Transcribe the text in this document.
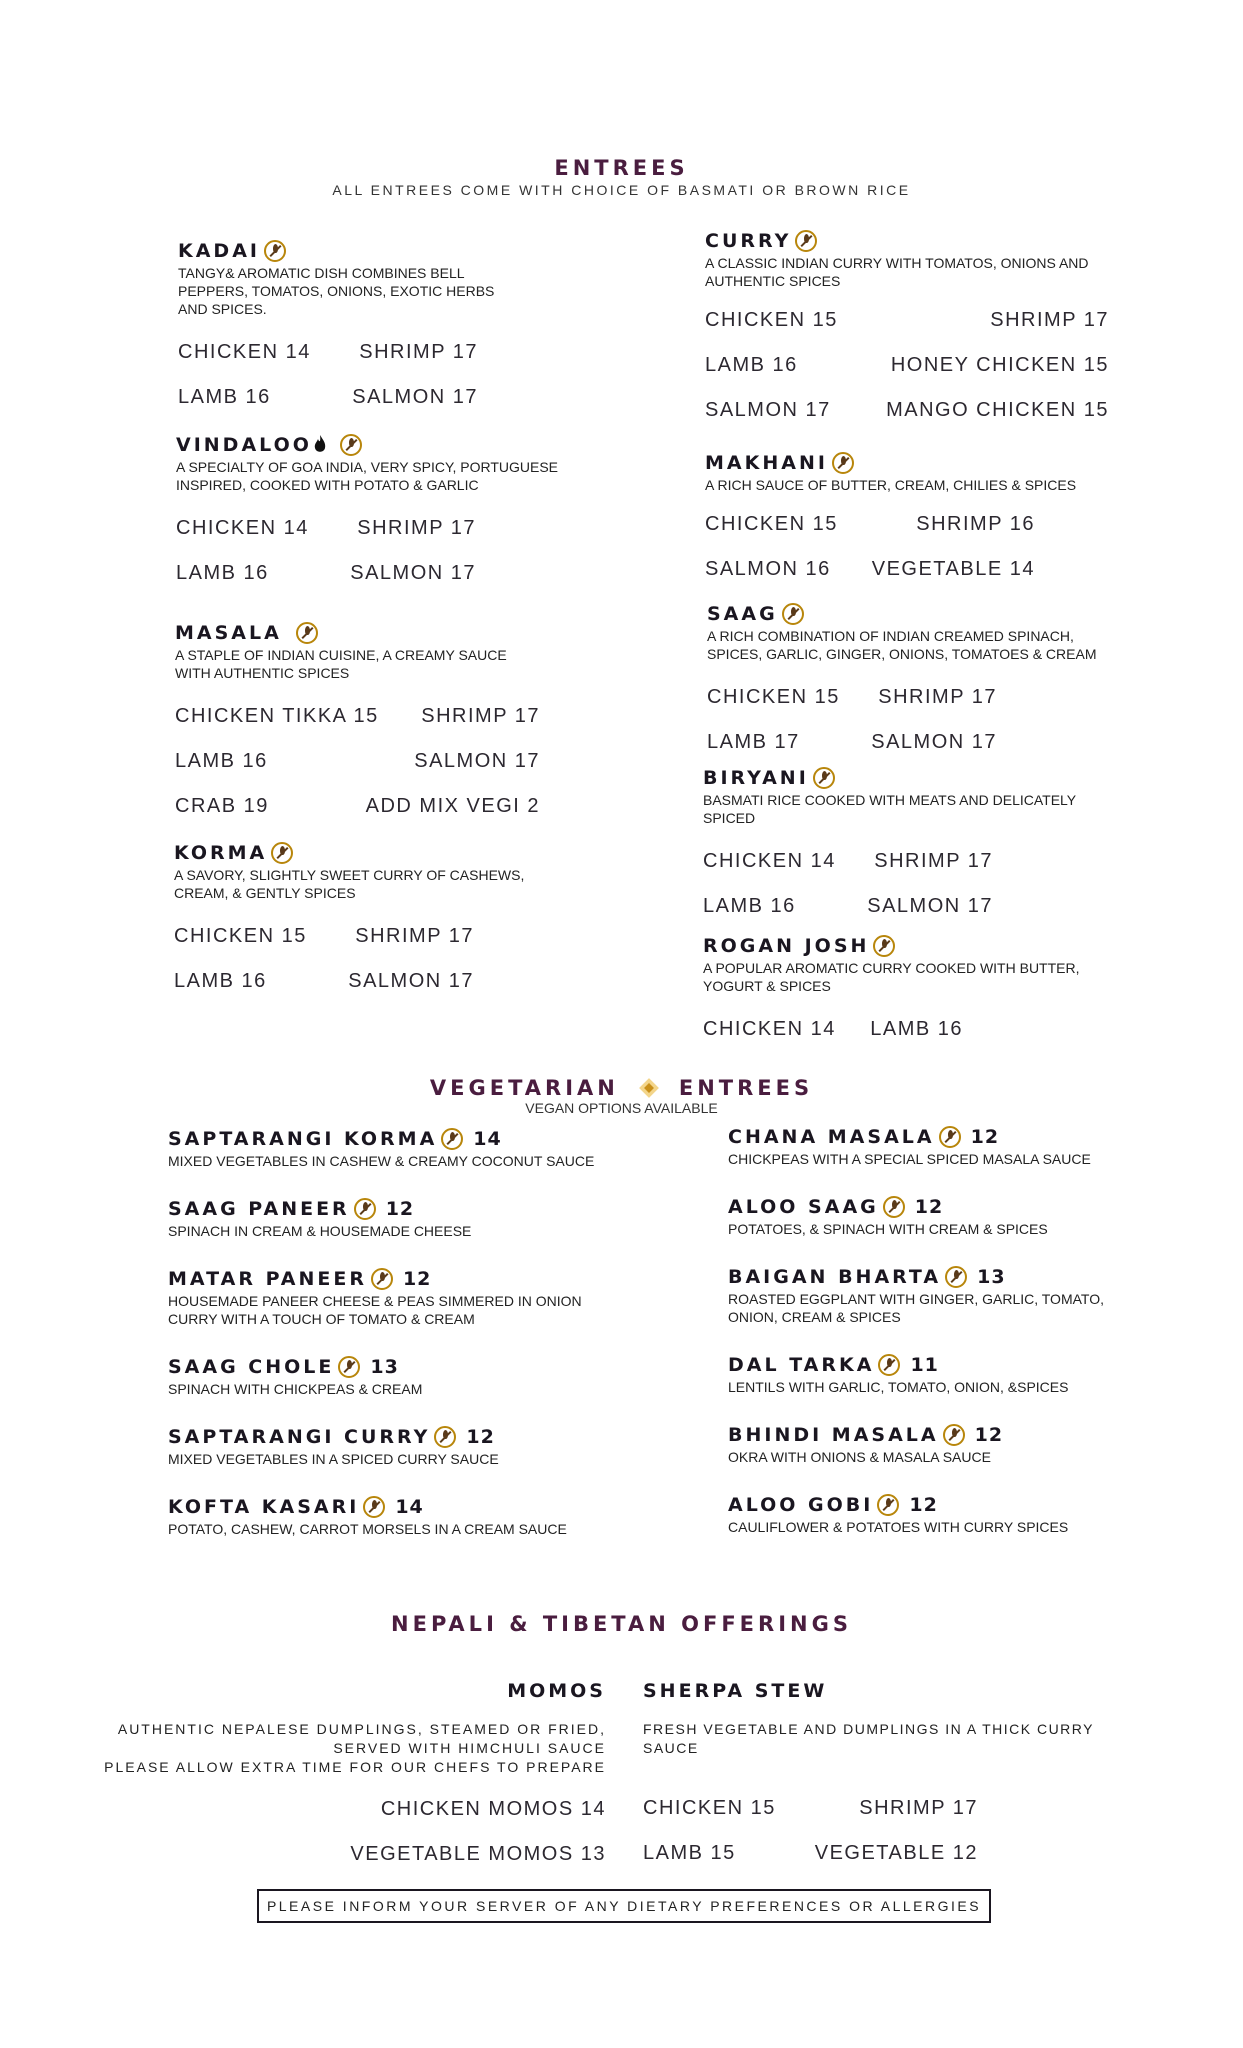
ENTREES
ALL ENTREES COME WITH CHOICE OF BASMATI OR BROWN RICE
KADAI
TANGY& AROMATIC DISH COMBINES BELL PEPPERS, TOMATOS, ONIONS, EXOTIC HERBS AND SPICES.
CHICKEN 14 SHRIMP 17
LAMB 16	SALMON 17
VINDALOO
A SPECIALTY OF GOA INDIA, VERY SPICY, PORTUGUESE INSPIRED, COOKED WITH POTATO & GARLIC
CHICKEN 14 SHRIMP 17
LAMB 16	SALMON 17
MASALA
A STAPLE OF INDIAN CUISINE, A CREAMY SAUCE WITH AUTHENTIC SPICES
CHICKEN TIKKA 15 SHRIMP 17
LAMB 16	SALMON 17
CRAB 19	ADD MIX VEGI 2
KORMA
A SAVORY, SLIGHTLY SWEET CURRY OF CASHEWS, CREAM, & GENTLY SPICES
CHICKEN 15 SHRIMP 17
LAMB 16	SALMON 17
CURRY
A CLASSIC INDIAN CURRY WITH TOMATOS, ONIONS AND AUTHENTIC SPICES
CHICKEN 15	SHRIMP 17
LAMB 16	HONEY CHICKEN 15
SALMON 17	MANGO CHICKEN 15
MAKHANI
A RICH SAUCE OF BUTTER, CREAM, CHILIES & SPICES
CHICKEN 15	SHRIMP 16
SALMON 16 VEGETABLE 14
SAAG
A RICH COMBINATION OF INDIAN CREAMED SPINACH, SPICES, GARLIC, GINGER, ONIONS, TOMATOES & CREAM
CHICKEN 15 SHRIMP 17
LAMB 17	SALMON 17
BIRYANI
BASMATI RICE COOKED WITH MEATS AND DELICATELY SPICED
CHICKEN 14 SHRIMP 17
LAMB 16	SALMON 17
ROGAN JOSH
A POPULAR AROMATIC CURRY COOKED WITH BUTTER, YOGURT & SPICES
CHICKEN 14 LAMB 16
VEGETARIAN	ENTREES
VEGAN OPTIONS AVAILABLE
SAPTARANGI KORMA 14
MIXED VEGETABLES IN CASHEW & CREAMY COCONUT SAUCE
SAAG PANEER 12
SPINACH IN CREAM & HOUSEMADE CHEESE
MATAR PANEER 12
HOUSEMADE PANEER CHEESE & PEAS SIMMERED IN ONION CURRY WITH A TOUCH OF TOMATO & CREAM
SAAG CHOLE 13
SPINACH WITH CHICKPEAS & CREAM
SAPTARANGI CURRY 12
MIXED VEGETABLES IN A SPICED CURRY SAUCE
KOFTA KASARI 14
POTATO, CASHEW, CARROT MORSELS IN A CREAM SAUCE
CHANA MASALA 12
CHICKPEAS WITH A SPECIAL SPICED MASALA SAUCE
ALOO SAAG 12
POTATOES, & SPINACH WITH CREAM & SPICES
BAIGAN BHARTA 13
ROASTED EGGPLANT WITH GINGER, GARLIC, TOMATO, ONION, CREAM & SPICES
DAL TARKA 11
LENTILS WITH GARLIC, TOMATO, ONION, &SPICES
BHINDI MASALA 12
OKRA WITH ONIONS & MASALA SAUCE
ALOO GOBI 12
CAULIFLOWER & POTATOES WITH CURRY SPICES
NEPALI & TIBETAN OFFERINGS
MOMOS
AUTHENTIC NEPALESE DUMPLINGS, STEAMED OR FRIED,
SERVED WITH HIMCHULI SAUCE
PLEASE ALLOW EXTRA TIME FOR OUR CHEFS TO PREPARE
CHICKEN MOMOS 14
VEGETABLE MOMOS 13
SHERPA STEW
FRESH VEGETABLE AND DUMPLINGS IN A THICK CURRY SAUCE
CHICKEN 15	SHRIMP 17
LAMB 15	VEGETABLE 12
PLEASE INFORM YOUR SERVER OF ANY DIETARY PREFERENCES OR ALLERGIES
